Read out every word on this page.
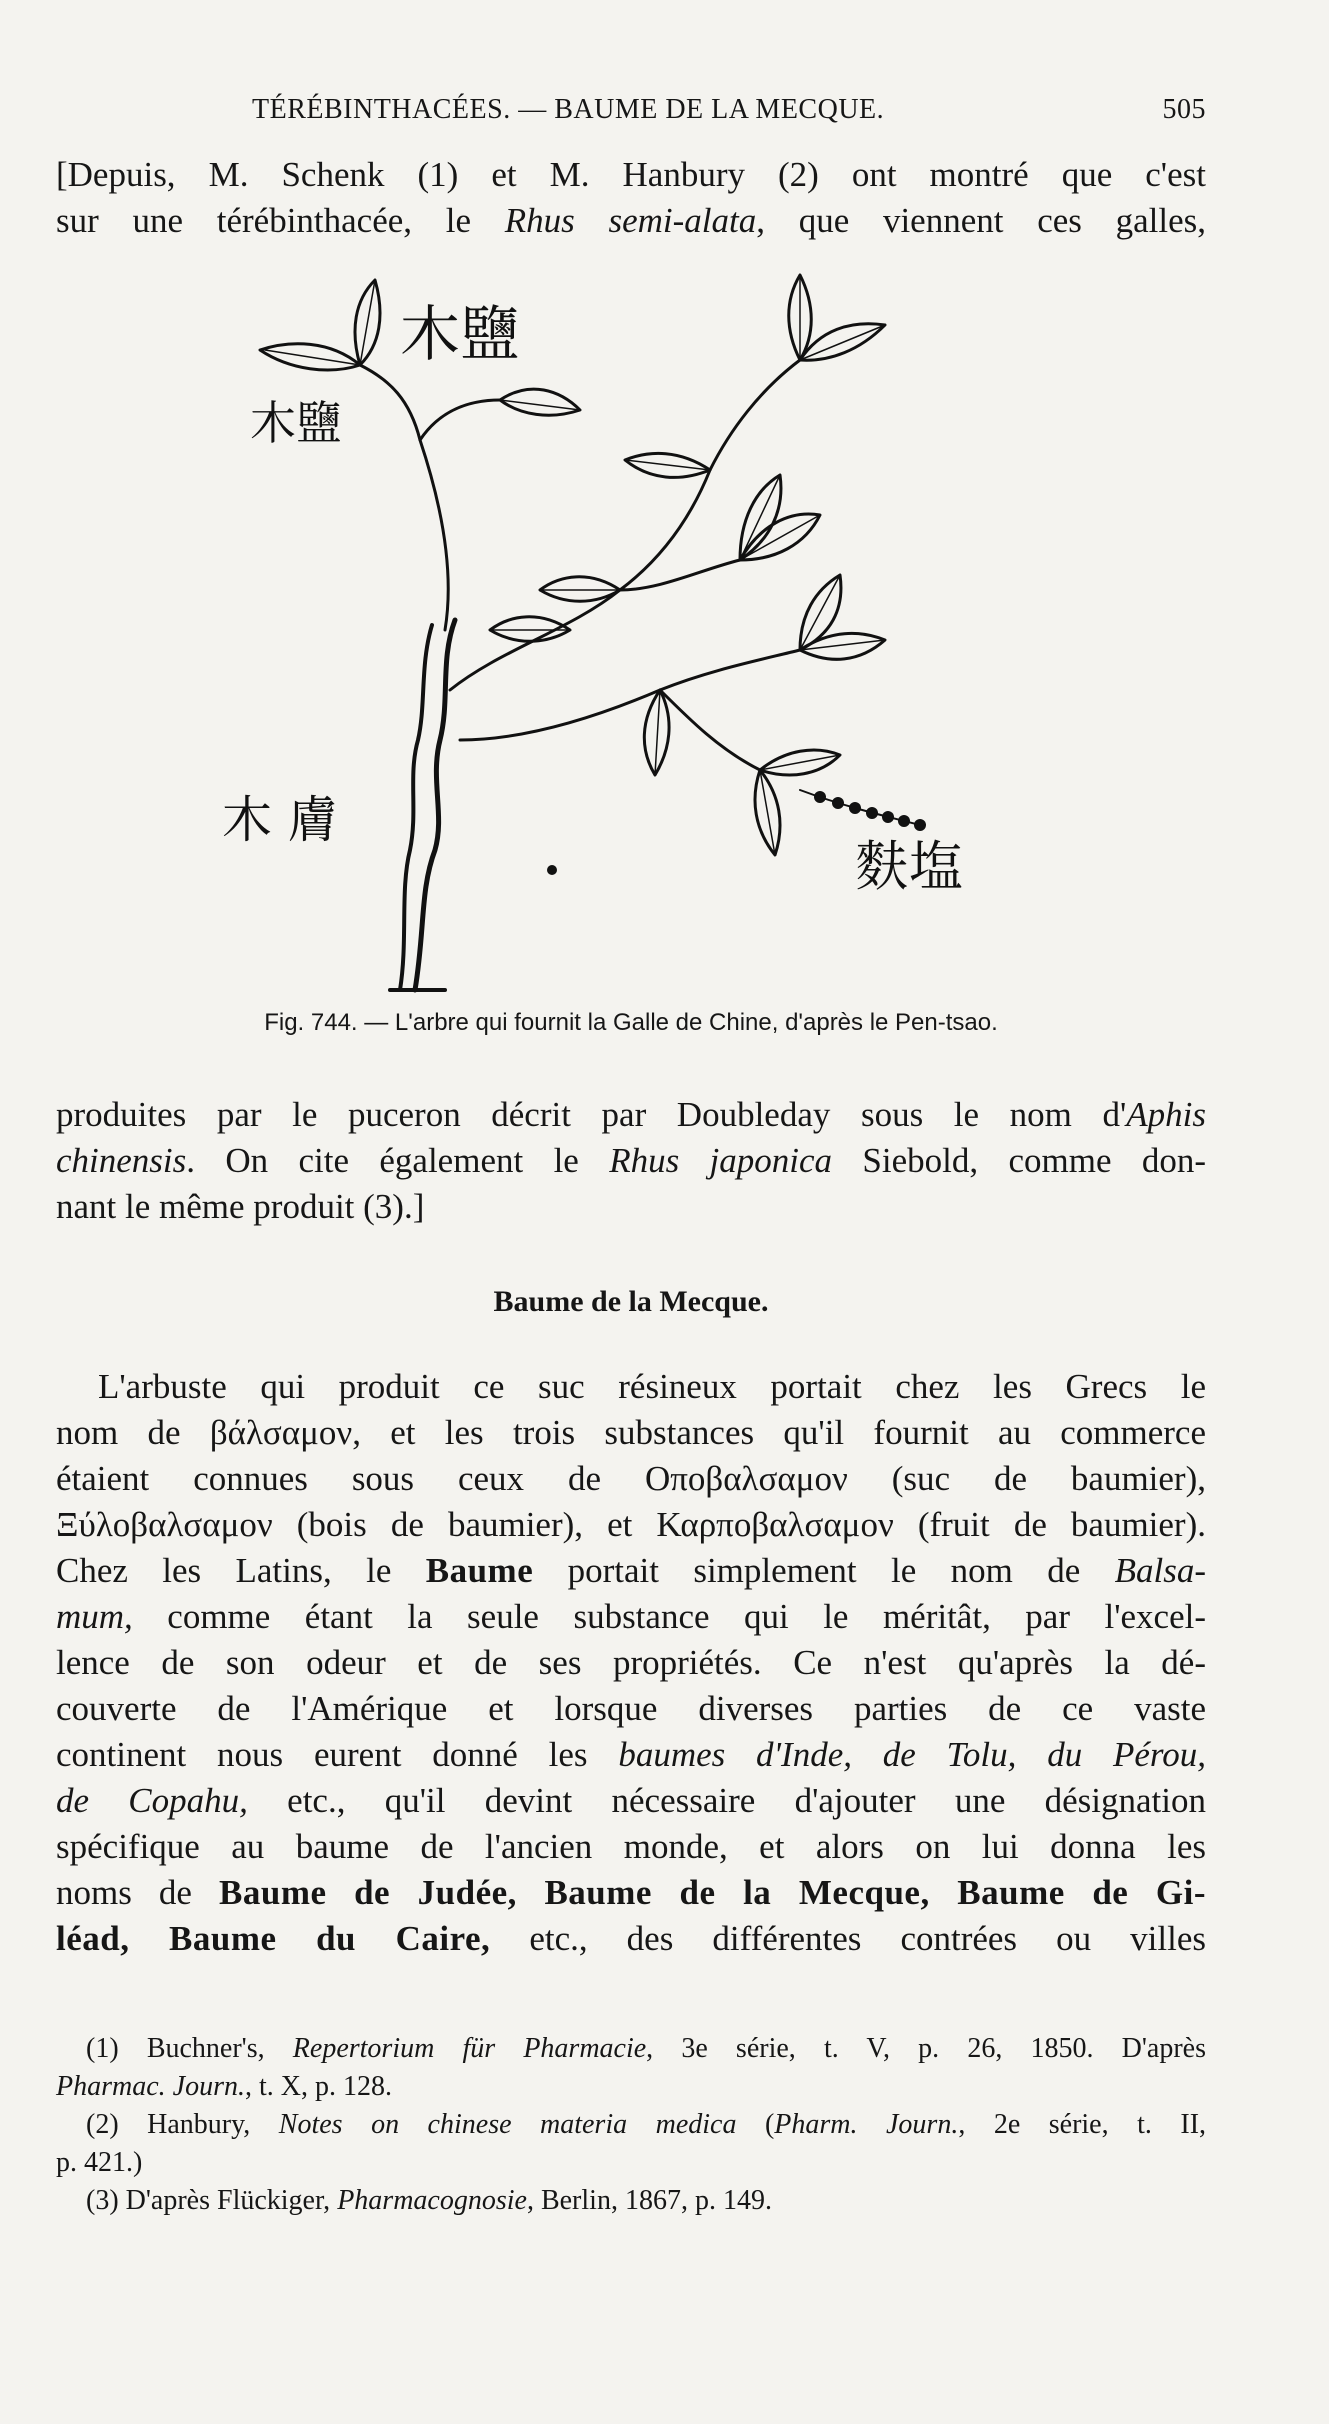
TÉRÉBINTHACÉES. — BAUME DE LA MECQUE.	505
[Depuis, M. Schenk (1) et M. Hanbury (2) ont montré que c'est
sur une térébinthacée, le Rhus semi-alata, que viennent ces galles,
木鹽
木鹽
木 膚
麩塩
Fig. 744. — L'arbre qui fournit la Galle de Chine, d'après le Pen-tsao.
produites par le puceron décrit par Doubleday sous le nom d'Aphis
chinensis. On cite également le Rhus japonica Siebold, comme don-
nant le même produit (3).]
Baume de la Mecque.
L'arbuste qui produit ce suc résineux portait chez les Grecs le
nom de βάλσαμον, et les trois substances qu'il fournit au commerce
étaient connues sous ceux de Οποβαλσαμον (suc de baumier),
Ξύλοβαλσαμον (bois de baumier), et Καρποβαλσαμον (fruit de baumier).
Chez les Latins, le Baume portait simplement le nom de Balsa-
mum, comme étant la seule substance qui le méritât, par l'excel-
lence de son odeur et de ses propriétés. Ce n'est qu'après la dé-
couverte de l'Amérique et lorsque diverses parties de ce vaste
continent nous eurent donné les baumes d'Inde, de Tolu, du Pérou,
de Copahu, etc., qu'il devint nécessaire d'ajouter une désignation
spécifique au baume de l'ancien monde, et alors on lui donna les
noms de Baume de Judée, Baume de la Mecque, Baume de Gi-
léad, Baume du Caire, etc., des différentes contrées ou villes
(1) Buchner's, Repertorium für Pharmacie, 3e série, t. V, p. 26, 1850. D'après
Pharmac. Journ., t. X, p. 128.
(2) Hanbury, Notes on chinese materia medica (Pharm. Journ., 2e série, t. II,
p. 421.)
(3) D'après Flückiger, Pharmacognosie, Berlin, 1867, p. 149.
